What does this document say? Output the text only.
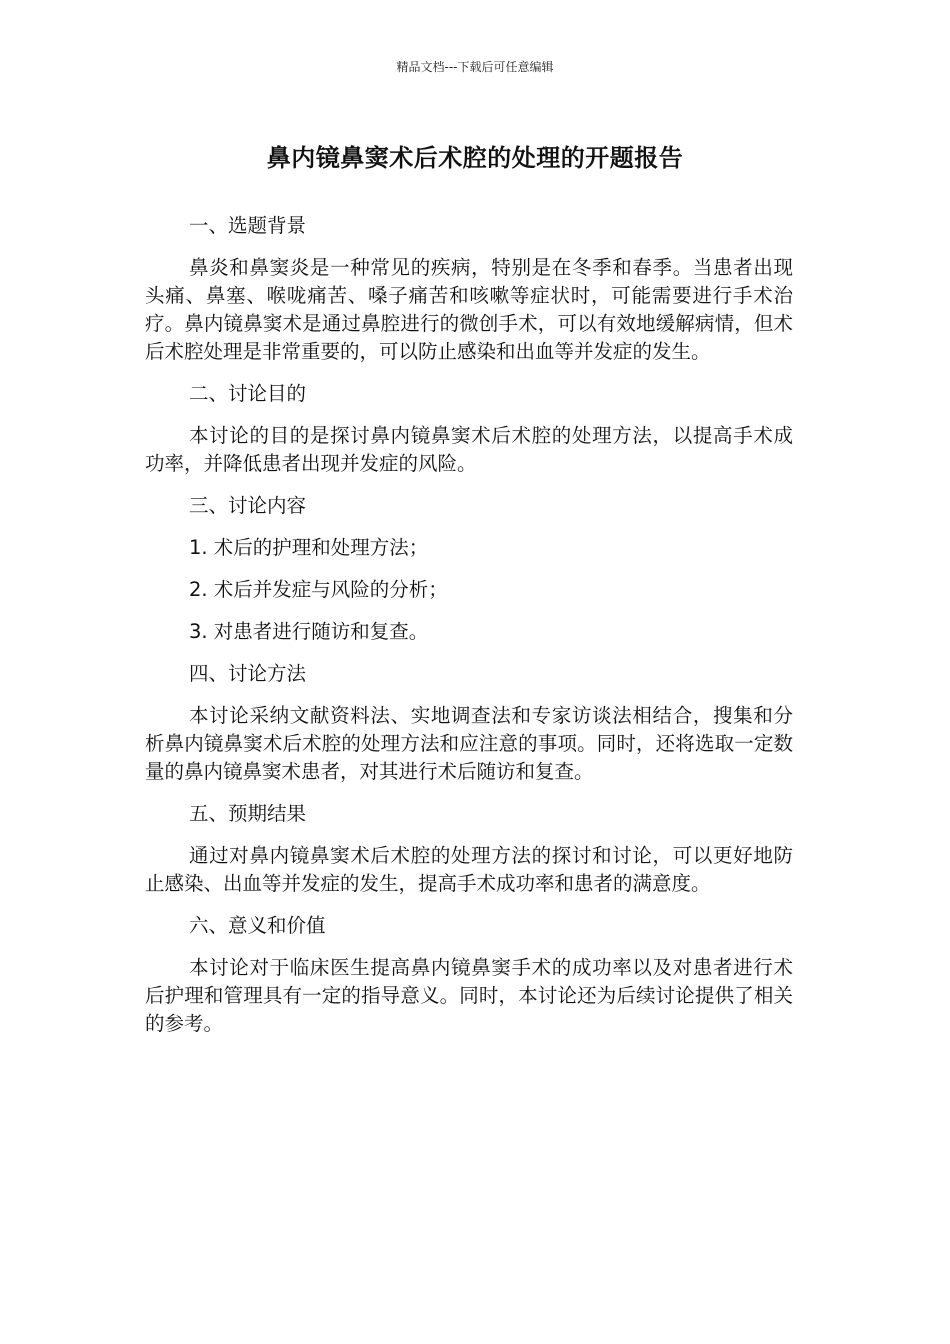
精品文档---下载后可任意编辑
鼻内镜鼻窦术后术腔的处理的开题报告
一、选题背景
鼻炎和鼻窦炎是一种常见的疾病，特别是在冬季和春季。当患者出现头痛、鼻塞、喉咙痛苦、嗓子痛苦和咳嗽等症状时，可能需要进行手术治疗。鼻内镜鼻窦术是通过鼻腔进行的微创手术，可以有效地缓解病情，但术后术腔处理是非常重要的，可以防止感染和出血等并发症的发生。
二、讨论目的
本讨论的目的是探讨鼻内镜鼻窦术后术腔的处理方法，以提高手术成功率，并降低患者出现并发症的风险。
三、讨论内容
1. 术后的护理和处理方法；
2. 术后并发症与风险的分析；
3. 对患者进行随访和复查。
四、讨论方法
本讨论采纳文献资料法、实地调查法和专家访谈法相结合，搜集和分析鼻内镜鼻窦术后术腔的处理方法和应注意的事项。同时，还将选取一定数量的鼻内镜鼻窦术患者，对其进行术后随访和复查。
五、预期结果
通过对鼻内镜鼻窦术后术腔的处理方法的探讨和讨论，可以更好地防止感染、出血等并发症的发生，提高手术成功率和患者的满意度。
六、意义和价值
本讨论对于临床医生提高鼻内镜鼻窦手术的成功率以及对患者进行术后护理和管理具有一定的指导意义。同时，本讨论还为后续讨论提供了相关的参考。
